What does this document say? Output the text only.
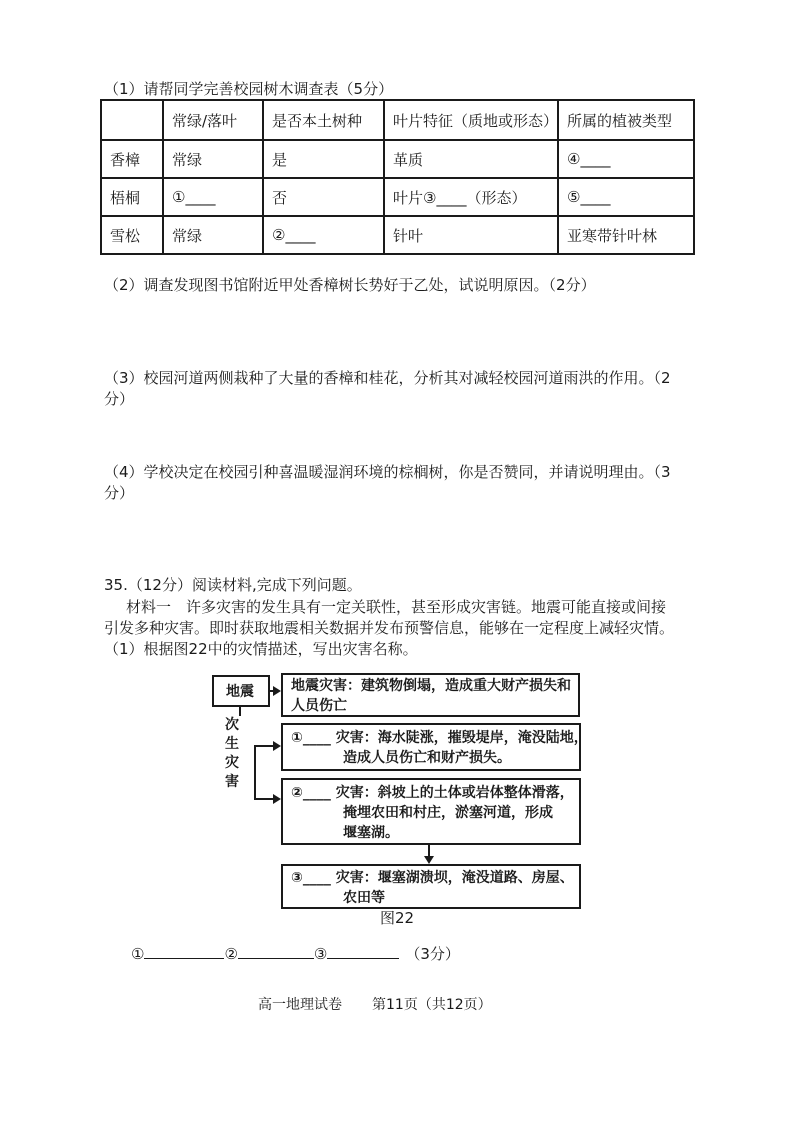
（1）请帮同学完善校园树木调查表（5分）
	常绿/落叶	是否本土树种	叶片特征（质地或形态）	所属的植被类型
香樟	常绿	是	革质	④____
梧桐	①____	否	叶片③____（形态）	⑤____
雪松	常绿	②____	针叶	亚寒带针叶林
（2）调查发现图书馆附近甲处香樟树长势好于乙处，试说明原因。（2分）
（3）校园河道两侧栽种了大量的香樟和桂花，分析其对减轻校园河道雨洪的作用。（2
分）
（4）学校决定在校园引种喜温暖湿润环境的棕榈树，你是否赞同，并请说明理由。（3
分）
35.（12分）阅读材料,完成下列问题。
材料一　许多灾害的发生具有一定关联性，甚至形成灾害链。地震可能直接或间接
引发多种灾害。即时获取地震相关数据并发布预警信息，能够在一定程度上减轻灾情。
（1）根据图22中的灾情描述，写出灾害名称。
地震	地震灾害：建筑物倒塌，造成重大财产损失和
人员伤亡
次
生
灾
害
①____ 灾害：海水陡涨，摧毁堤岸，淹没陆地，
造成人员伤亡和财产损失。
②____ 灾害：斜坡上的土体或岩体整体滑落，
掩埋农田和村庄，淤塞河道，形成
堰塞湖。
③____ 灾害：堰塞湖溃坝，淹没道路、房屋、
农田等
图22
①	②	③	（3分）
高一地理试卷 第11页（共12页）
